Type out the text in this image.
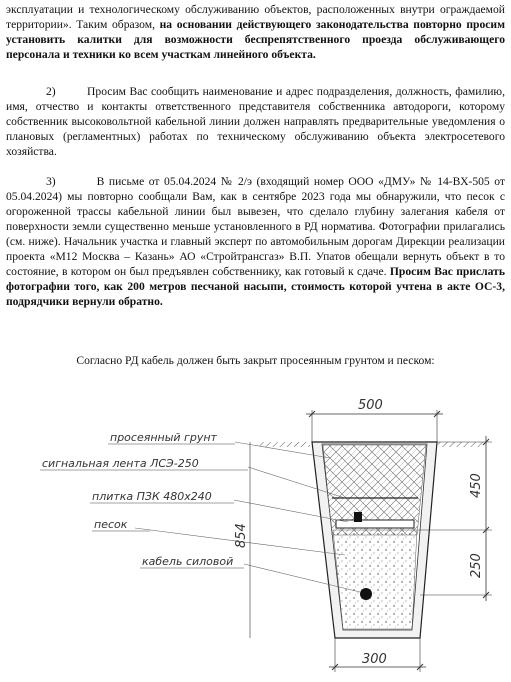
эксплуатации и технологическому обслуживанию объектов, расположенных внутри ограждаемой территории». Таким образом, на основании действующего законодательства повторно просим установить калитки для возможности беспрепятственного проезда обслуживающего персонала и техники ко всем участкам линейного объекта.

2)         Просим Вас сообщить наименование и адрес подразделения, должность, фамилию, имя, отчество и контакты ответственного представителя собственника автодороги, которому собственник высоковольтной кабельной линии должен направлять предварительные уведомления о плановых (регламентных) работах по техническому обслуживанию объекта электросетевого хозяйства.

3)         В письме от 05.04.2024 № 2/э (входящий номер ООО «ДМУ» № 14-ВХ-505 от 05.04.2024) мы повторно сообщали Вам, как в сентябре 2023 года мы обнаружили, что песок с огороженной трассы кабельной линии был вывезен, что сделало глубину залегания кабеля от поверхности земли существенно меньше установленного в РД норматива. Фотографии прилагались (см. ниже). Начальник участка и главный эксперт по автомобильным дорогам Дирекции реализации проекта «М12 Москва – Казань» АО «Стройтрансгаз» В.П. Упатов обещали вернуть объект в то состояние, в котором он был предъявлен собственнику, как готовый к сдаче. Просим Вас прислать фотографии того, как 200 метров песчаной насыпи, стоимость которой учтена в акте ОС-3, подрядчики вернули обратно.

Согласно РД кабель должен быть закрыт просеянным грунтом и песком:

просеянный грунт
сигнальная лента ЛСЭ-250
плитка ПЗК 480х240
песок
кабель силовой
500
450
250
854
300
